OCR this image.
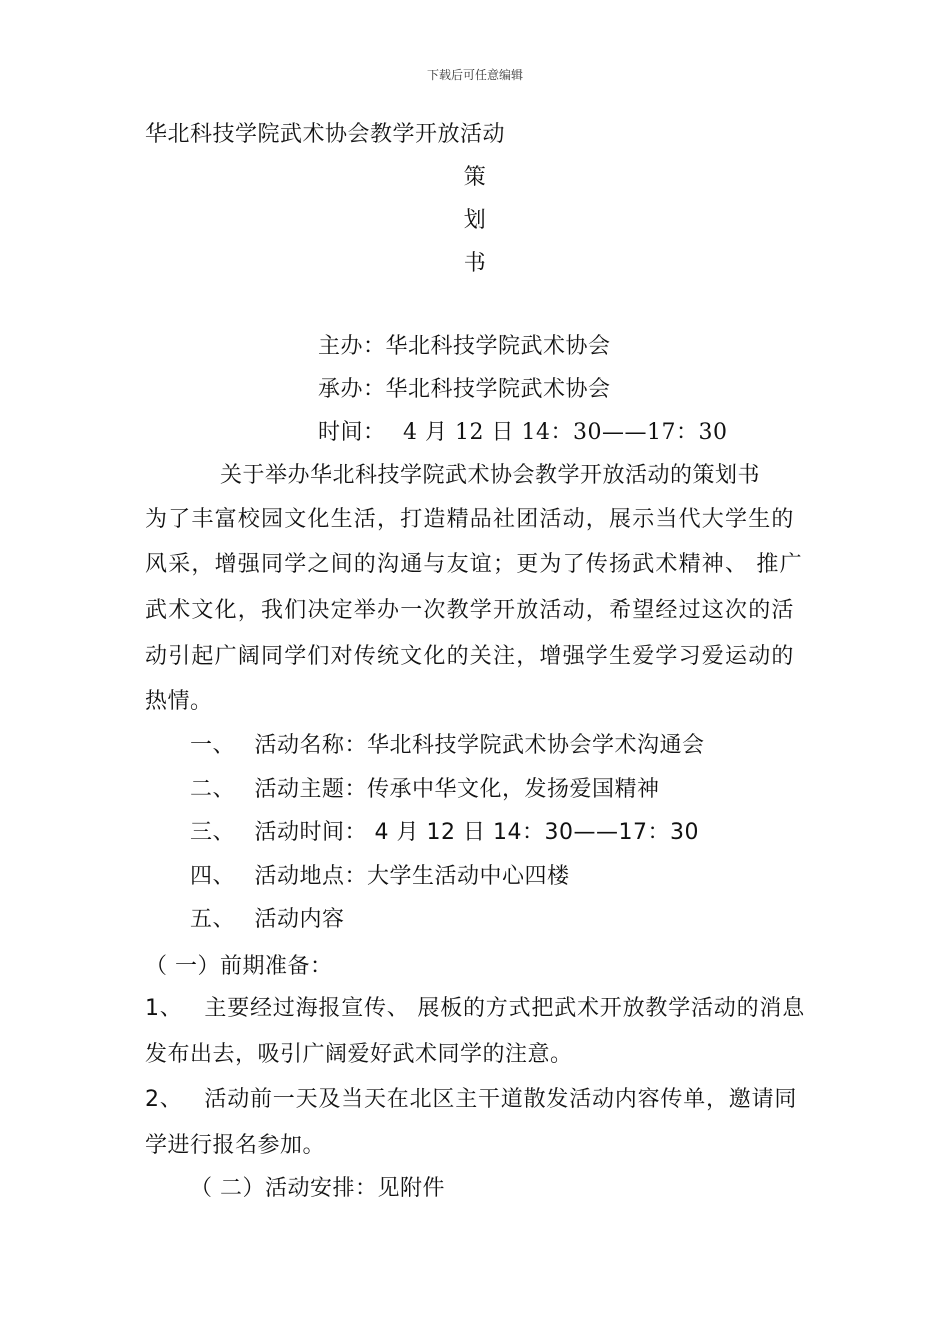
下载后可任意编辑
华北科技学院武术协会教学开放活动
策
划
书
主办：华北科技学院武术协会
承办：华北科技学院武术协会
时间： 4 月 12 日 14：30——17：30
关于举办华北科技学院武术协会教学开放活动的策划书
为了丰富校园文化生活，打造精品社团活动，展示当代大学生的
风采，增强同学之间的沟通与友谊；更为了传扬武术精神、 推广
武术文化，我们决定举办一次教学开放活动，希望经过这次的活
动引起广阔同学们对传统文化的关注，增强学生爱学习爱运动的
热情。
一、 活动名称：华北科技学院武术协会学术沟通会
二、 活动主题：传承中华文化，发扬爱国精神
三、 活动时间： 4 月 12 日 14：30——17：30
四、 活动地点：大学生活动中心四楼
五、 活动内容
（ 一）前期准备：
1、 主要经过海报宣传、 展板的方式把武术开放教学活动的消息
发布出去，吸引广阔爱好武术同学的注意。
2、 活动前一天及当天在北区主干道散发活动内容传单，邀请同
学进行报名参加。
（ 二）活动安排：见附件
